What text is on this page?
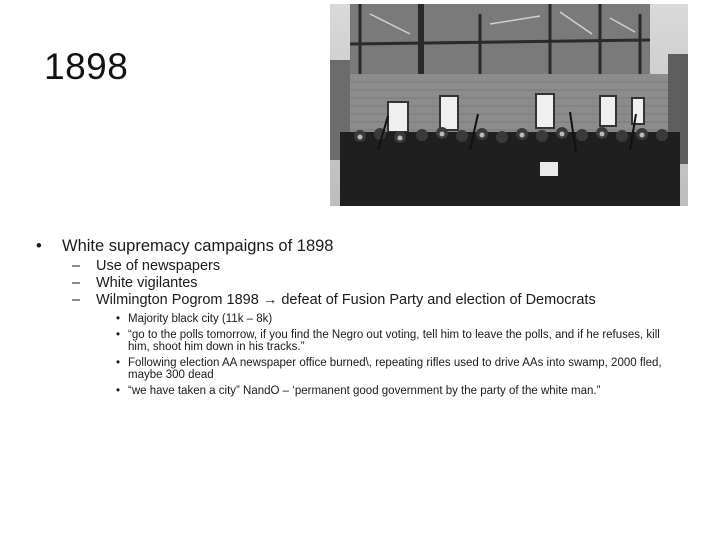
1898
• White supremacy campaigns of 1898
– Use of newspapers
– White vigilantes
– Wilmington Pogrom 1898 → defeat of Fusion Party and election of Democrats
• Majority black city (11k – 8k)
• “go to the polls tomorrow, if you find the Negro out voting, tell him to leave the polls, and if he refuses, kill him, shoot him down in his tracks.”
• Following election AA newspaper office burned\, repeating rifles used to drive AAs into swamp, 2000 fled, maybe 300 dead
• “we have taken a city” NandO – ‘permanent good government by the party of the white man.”
